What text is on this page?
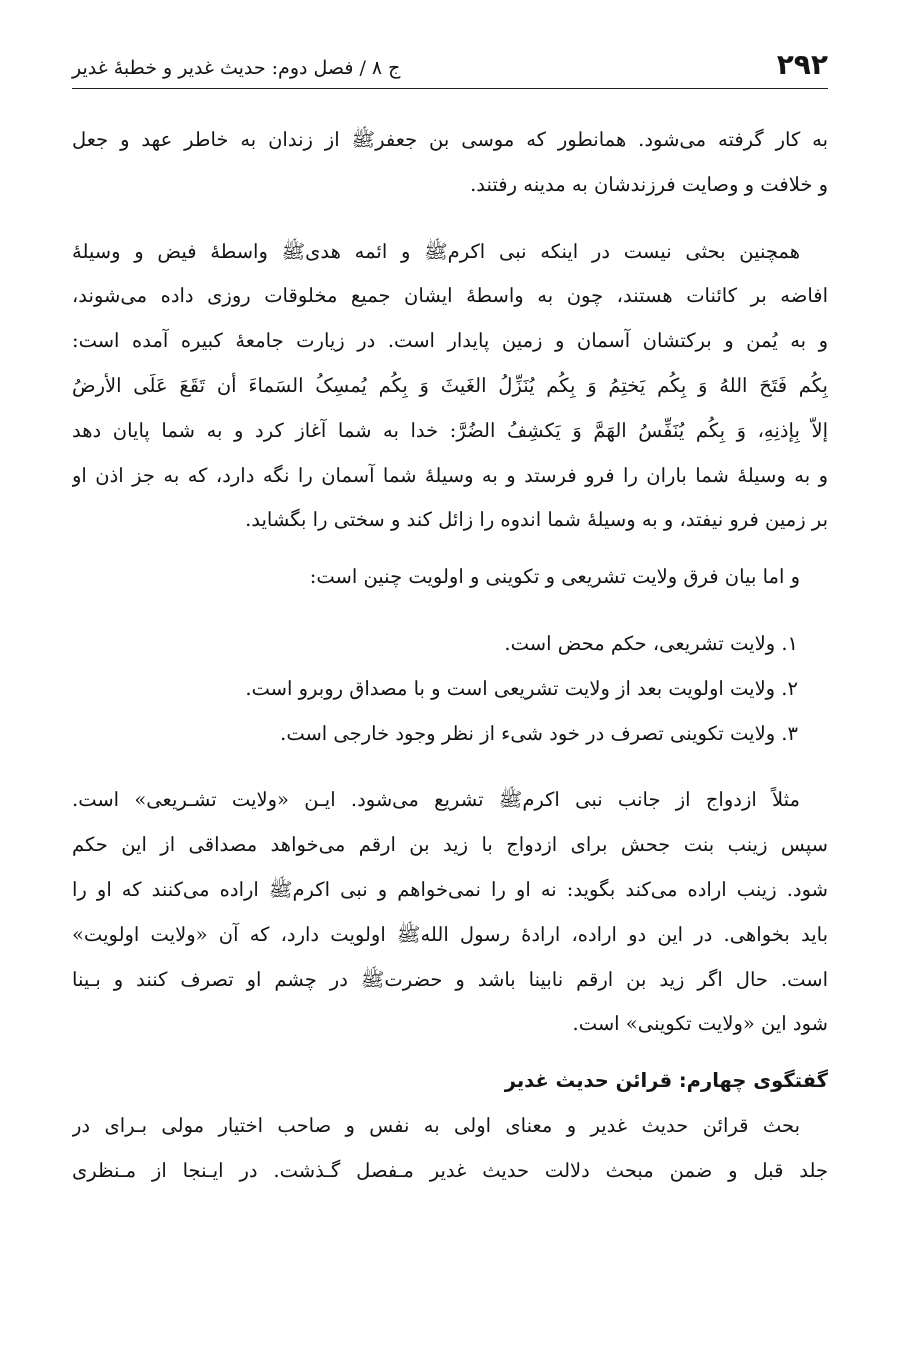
۲۹۲
ج ۸ / فصل دوم: حدیث غدیر و خطبهٔ غدیر
به کار گرفته می‌شود. همانطور که موسی بن جعفرﷺ از زندان به خاطر عهد و جعل
و خلافت و وصایت فرزندشان به مدینه رفتند.
همچنین بحثی نیست در اینکه نبی اکرمﷺ و ائمه هدیﷺ واسطهٔ فیض و وسیلهٔ
افاضه بر کائنات هستند، چون به واسطهٔ ایشان جمیع مخلوقات روزی داده می‌شوند،
و به یُمن و برکتشان آسمان و زمین پایدار است. در زیارت جامعهٔ کبیره آمده است:
بِکُم فَتَحَ اللهُ وَ بِکُم یَختِمُ وَ بِکُم یُنَزِّلُ الغَیثَ وَ بِکُم یُمسِکُ السَماءَ أن تَقَعَ عَلَی الأرضُ
إلاّ بِإذنِهِ، وَ بِکُم یُنَفِّسُ الهَمَّ وَ یَکشِفُ الضُرَّ: خدا به شما آغاز کرد و به شما پایان دهد
و به وسیلهٔ شما باران را فرو فرستد و به وسیلهٔ شما آسمان را نگه دارد، که به جز اذن او
بر زمین فرو نیفتد، و به وسیلهٔ شما اندوه را زائل کند و سختی را بگشاید.
و اما بیان فرق ولایت تشریعی و تکوینی و اولویت چنین است:
۱. ولایت تشریعی، حکم محض است.
۲. ولایت اولویت بعد از ولایت تشریعی است و با مصداق روبرو است.
۳. ولایت تکوینی تصرف در خود شیء از نظر وجود خارجی است.
مثلاً ازدواج از جانب نبی اکرمﷺ تشریع می‌شود. ایـن «ولایت تشـریعی» است.
سپس زینب بنت جحش برای ازدواج با زید بن ارقم می‌خواهد مصداقی از این حکم
شود. زینب اراده می‌کند بگوید: نه او را نمی‌خواهم و نبی اکرمﷺ اراده می‌کنند که او را
باید بخواهی. در این دو اراده، ارادهٔ رسول اللهﷺ اولویت دارد، که آن «ولایت اولویت»
است. حال اگر زید بن ارقم نابینا باشد و حضرتﷺ در چشم او تصرف کنند و بـینا
شود این «ولایت تکوینی» است.
گفتگوی چهارم: قرائن حدیث غدیر
بحث قرائن حدیث غدیر و معنای اولی به نفس و صاحب اختیار مولی بـرای در
جلد قبل و ضمن مبحث دلالت حدیث غدیر مـفصل گـذشت. در ایـنجا از مـنظری
